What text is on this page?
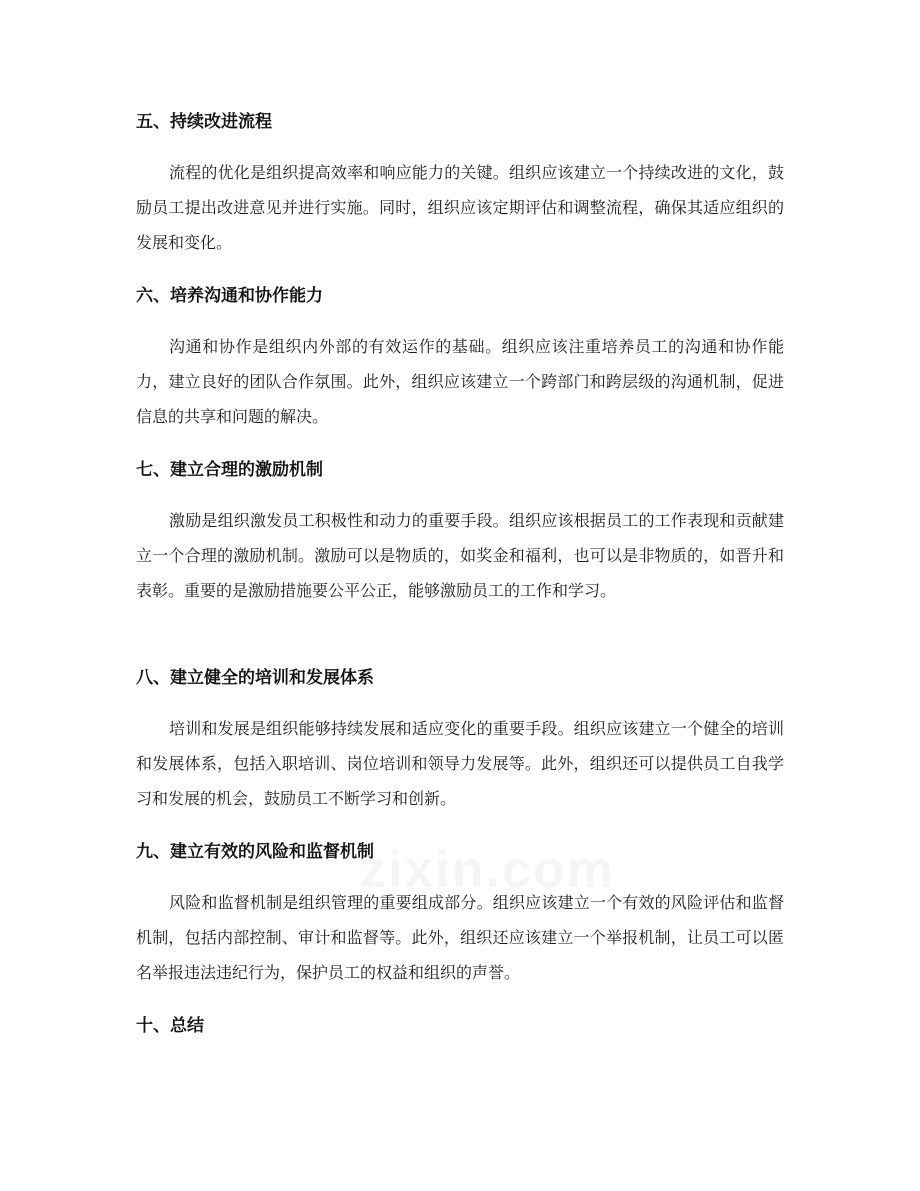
五、持续改进流程

流程的优化是组织提高效率和响应能力的关键。组织应该建立一个持续改进的文化，鼓励员工提出改进意见并进行实施。同时，组织应该定期评估和调整流程，确保其适应组织的发展和变化。

六、培养沟通和协作能力

沟通和协作是组织内外部的有效运作的基础。组织应该注重培养员工的沟通和协作能力，建立良好的团队合作氛围。此外，组织应该建立一个跨部门和跨层级的沟通机制，促进信息的共享和问题的解决。

七、建立合理的激励机制

激励是组织激发员工积极性和动力的重要手段。组织应该根据员工的工作表现和贡献建立一个合理的激励机制。激励可以是物质的，如奖金和福利，也可以是非物质的，如晋升和表彰。重要的是激励措施要公平公正，能够激励员工的工作和学习。

八、建立健全的培训和发展体系

培训和发展是组织能够持续发展和适应变化的重要手段。组织应该建立一个健全的培训和发展体系，包括入职培训、岗位培训和领导力发展等。此外，组织还可以提供员工自我学习和发展的机会，鼓励员工不断学习和创新。

九、建立有效的风险和监督机制

风险和监督机制是组织管理的重要组成部分。组织应该建立一个有效的风险评估和监督机制，包括内部控制、审计和监督等。此外，组织还应该建立一个举报机制，让员工可以匿名举报违法违纪行为，保护员工的权益和组织的声誉。

十、总结
